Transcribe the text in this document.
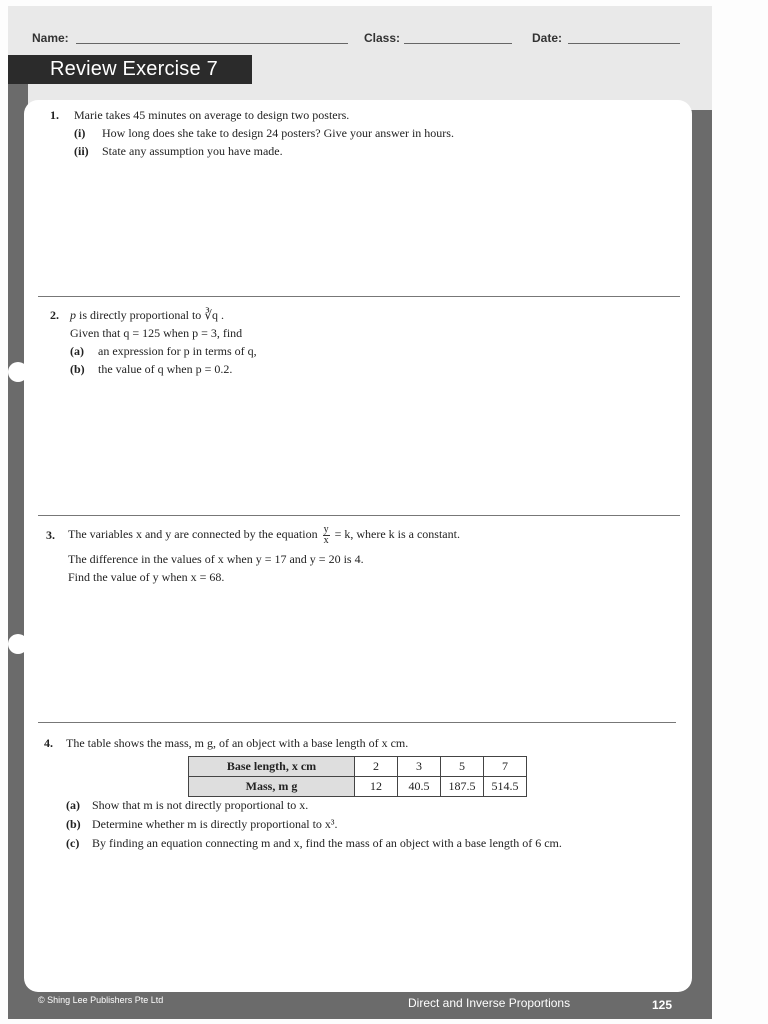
Name:	Class:	Date:
Review Exercise 7
1. Marie takes 45 minutes on average to design two posters.
(i) How long does she take to design 24 posters? Give your answer in hours.
(ii) State any assumption you have made.
2. p is directly proportional to ∛q .
Given that q = 125 when p = 3, find
(a) an expression for p in terms of q,
(b) the value of q when p = 0.2.
3. The variables x and y are connected by the equation $\frac{y}{x} = k$, where k is a constant.
The difference in the values of x when y = 17 and y = 20 is 4.
Find the value of y when x = 68.
4. The table shows the mass, m g, of an object with a base length of x cm.
Base length, x cm	2	3	5	7
Mass, m g	12	40.5	187.5	514.5
(a) Show that m is not directly proportional to x.
(b) Determine whether m is directly proportional to x³.
(c) By finding an equation connecting m and x, find the mass of an object with a base length of 6 cm.
© Shing Lee Publishers Pte Ltd	Direct and Inverse Proportions	125
